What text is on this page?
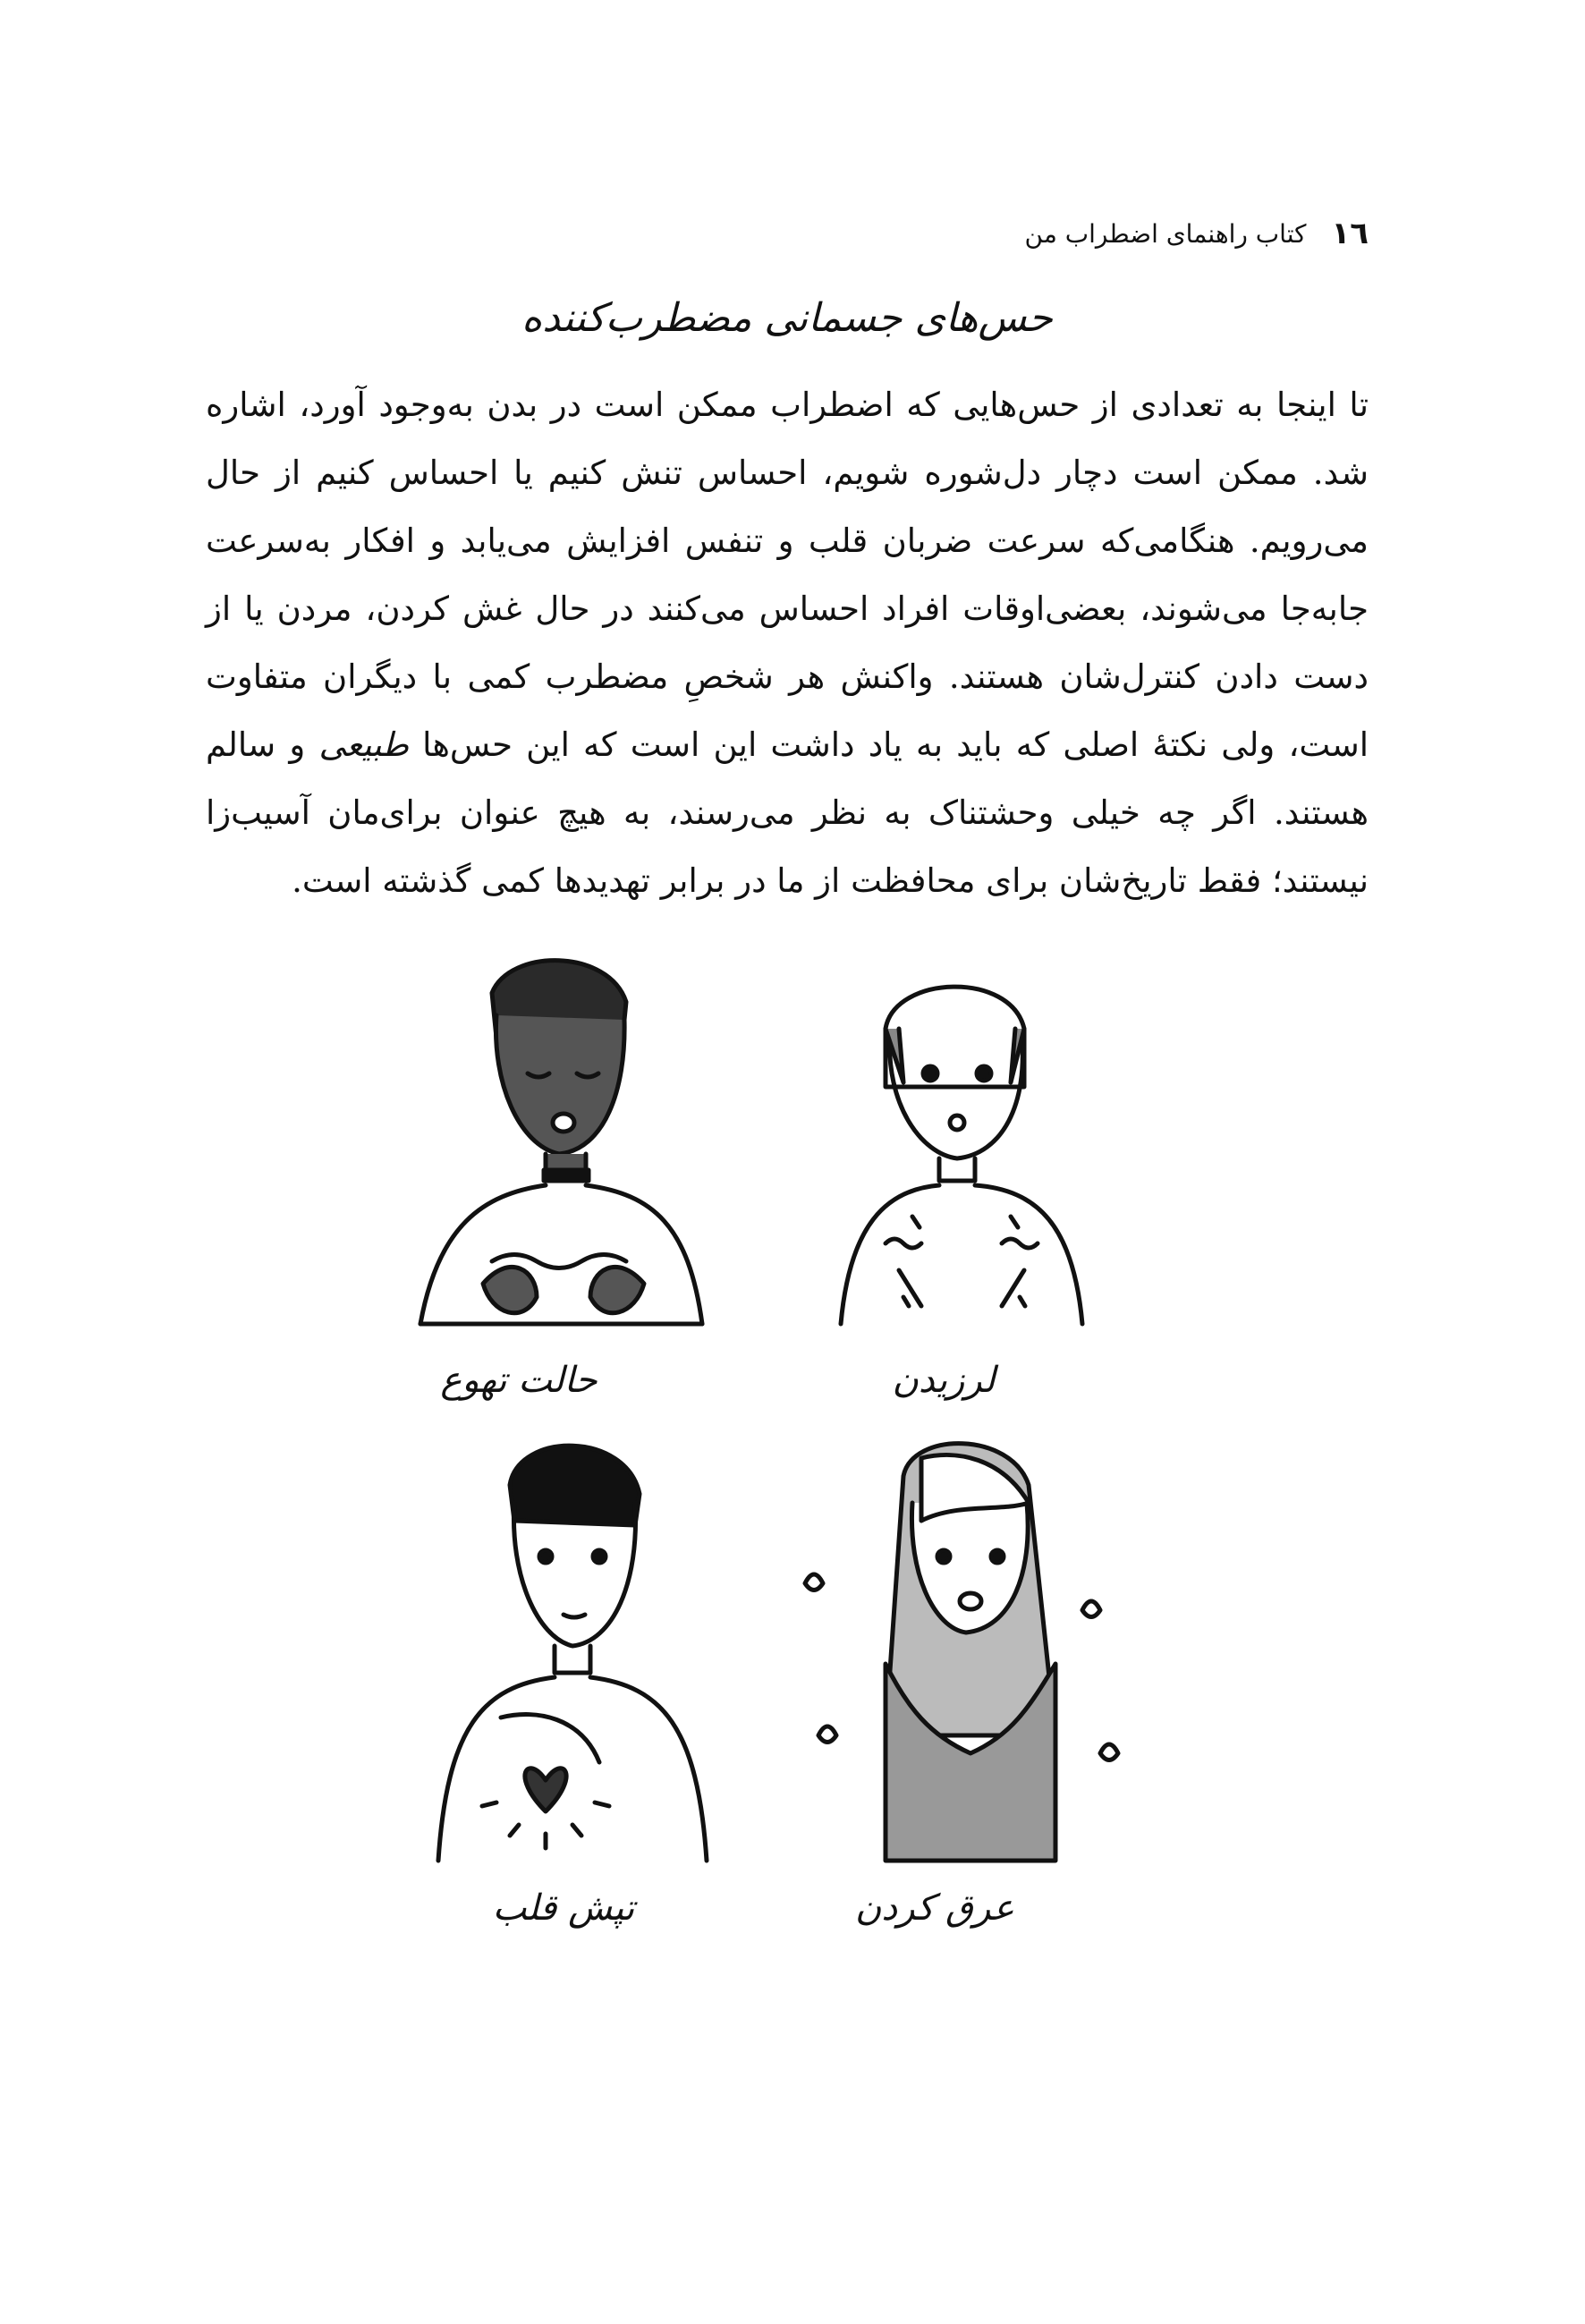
١٦
کتاب راهنمای اضطراب من
حس‌های جسمانی مضطرب‌کننده
تا اینجا به تعدادی از حس‌هایی که اضطراب ممکن است در بدن به‌وجود آورد، اشاره شد. ممکن است دچار دل‌شوره شویم، احساس تنش کنیم یا احساس کنیم از حال می‌رویم. هنگامی‌که سرعت ضربان قلب و تنفس افزایش می‌یابد و افکار به‌سرعت جابه‌جا می‌شوند، بعضی‌اوقات افراد احساس می‌کنند در حال غش کردن، مردن یا از دست دادن کنترل‌شان هستند. واکنش هر شخصِ مضطرب کمی با دیگران متفاوت است، ولی نکتهٔ اصلی که باید به یاد داشت این است که این حس‌ها طبیعی و سالم هستند. اگر چه خیلی وحشتناک به نظر می‌رسند، به هیچ عنوان برای‌مان آسیب‌زا نیستند؛ فقط تاریخ‌شان برای محافظت از ما در برابر تهدیدها کمی گذشته است.
حالت تهوع	لرزیدن
تپش قلب	عرق کردن
